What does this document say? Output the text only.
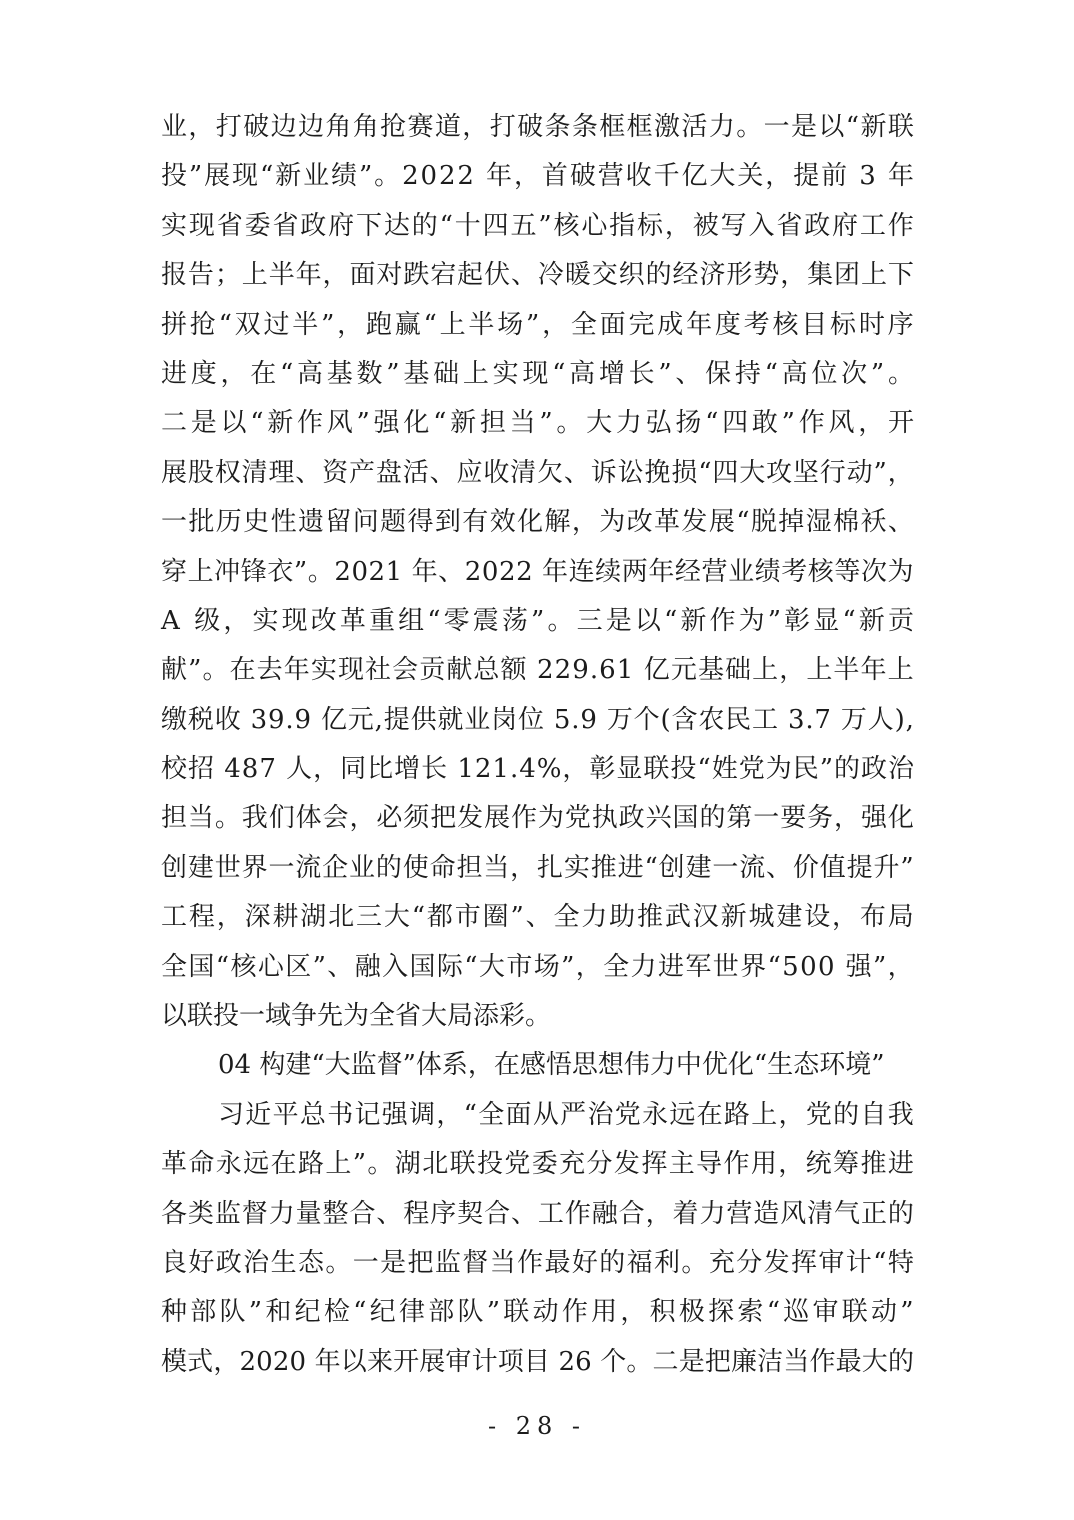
业 ， 打 破 边 边 角 角 抢 赛 道 ， 打 破 条 条 框 框 激 活 力 。 一 是 以 “ 新 联

投 ” 展 现 “ 新 业 绩 ” 。 2 0 2 2
年 ， 首 破 营 收 千 亿 大 关 ， 提 前
3
年

实 现 省 委 省 政 府 下 达 的 “ 十 四 五 ” 核 心 指 标 ， 被 写 入 省 政 府 工 作

报 告 ； 上 半 年 ， 面 对 跌 宕 起 伏 、 冷 暖 交 织 的 经 济 形 势 ， 集 团 上 下

拼 抢 “ 双 过 半 ” ， 跑 赢 “ 上 半 场 ” ， 全 面 完 成 年 度 考 核 目 标 时 序

进 度 ， 在 “ 高 基 数 ” 基 础 上 实 现 “ 高 增 长 ” 、 保 持 “ 高 位 次 ” 。

二 是 以 “ 新 作 风 ” 强 化 “ 新 担 当 ” 。 大 力 弘 扬 “ 四 敢 ” 作 风 ， 开

展 股 权 清 理 、 资 产 盘 活 、 应 收 清 欠 、 诉 讼 挽 损 “ 四 大 攻 坚 行 动 ” ，

一 批 历 史 性 遗 留 问 题 得 到 有 效 化 解 ， 为 改 革 发 展 “ 脱 掉 湿 棉 袄 、

穿 上 冲 锋 衣 ” 。 2 0 2 1
年 、 2 0 2 2
年 连 续 两 年 经 营 业 绩 考 核 等 次 为

A
级 ， 实 现 改 革 重 组 “ 零 震 荡 ” 。 三 是 以 “ 新 作 为 ” 彰 显 “ 新 贡

献 ” 。 在 去 年 实 现 社 会 贡 献 总 额
2 2 9 . 6 1
亿 元 基 础 上 ， 上 半 年 上

缴 税 收
3 9 . 9
亿 元 , 提 供 就 业 岗 位
5 . 9
万 个 ( 含 农 民 工
3 . 7
万 人 ) ,

校 招
4 8 7
人 ， 同 比 增 长
1 2 1 . 4 % ， 彰 显 联 投 “ 姓 党 为 民 ” 的 政 治

担 当 。 我 们 体 会 ， 必 须 把 发 展 作 为 党 执 政 兴 国 的 第 一 要 务 ， 强 化

创 建 世 界 一 流 企 业 的 使 命 担 当 ， 扎 实 推 进 “ 创 建 一 流 、 价 值 提 升 ”

工 程 ， 深 耕 湖 北 三 大 “ 都 市 圈 ” 、 全 力 助 推 武 汉 新 城 建 设 ， 布 局

全 国 “ 核 心 区 ” 、 融 入 国 际 “ 大 市 场 ” ， 全 力 进 军 世 界 “ 5 0 0
强 ” ，

以联投一域争先为全省大局添彩。

04 构建“大监督”体系，在感悟思想伟力中优化“生态环境”

习 近 平 总 书 记 强 调 ， “ 全 面 从 严 治 党 永 远 在 路 上 ， 党 的 自 我

革 命 永 远 在 路 上 ” 。 湖 北 联 投 党 委 充 分 发 挥 主 导 作 用 ， 统 筹 推 进

各 类 监 督 力 量 整 合 、 程 序 契 合 、 工 作 融 合 ， 着 力 营 造 风 清 气 正 的

良 好 政 治 生 态 。 一 是 把 监 督 当 作 最 好 的 福 利 。 充 分 发 挥 审 计 “ 特

种 部 队 ” 和 纪 检 “ 纪 律 部 队 ” 联 动 作 用 ， 积 极 探 索 “ 巡 审 联 动 ”

模 式 ， 2 0 2 0
年 以 来 开 展 审 计 项 目
2 6
个 。 二 是 把 廉 洁 当 作 最 大 的

- 28 -
